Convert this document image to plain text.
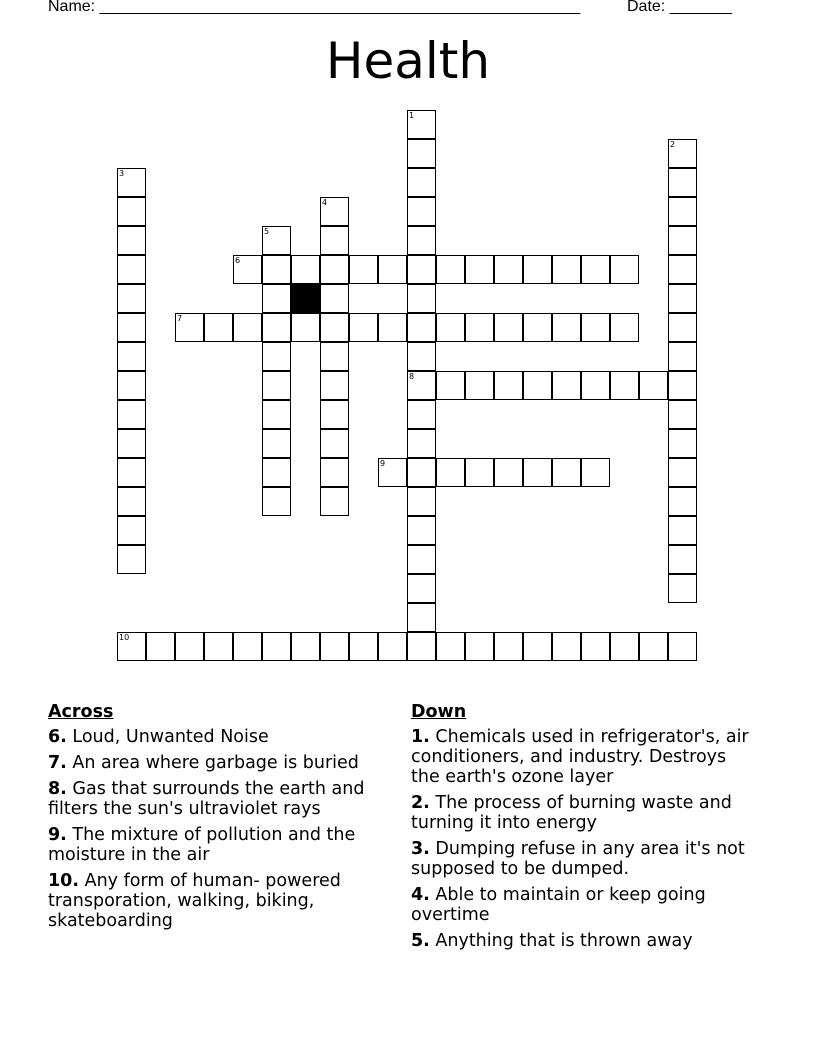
Name: ______________________________________________________	Date: _______
Health
1
8
2
3
4
5
6
7
9
10
Across
6. Loud, Unwanted Noise
7. An area where garbage is buried
8. Gas that surrounds the earth and filters the sun's ultraviolet rays
9. The mixture of pollution and the moisture in the air
10. Any form of human- powered transporation, walking, biking, skateboarding
Down
1. Chemicals used in refrigerator's, air conditioners, and industry. Destroys the earth's ozone layer
2. The process of burning waste and turning it into energy
3. Dumping refuse in any area it's not supposed to be dumped.
4. Able to maintain or keep going overtime
5. Anything that is thrown away
